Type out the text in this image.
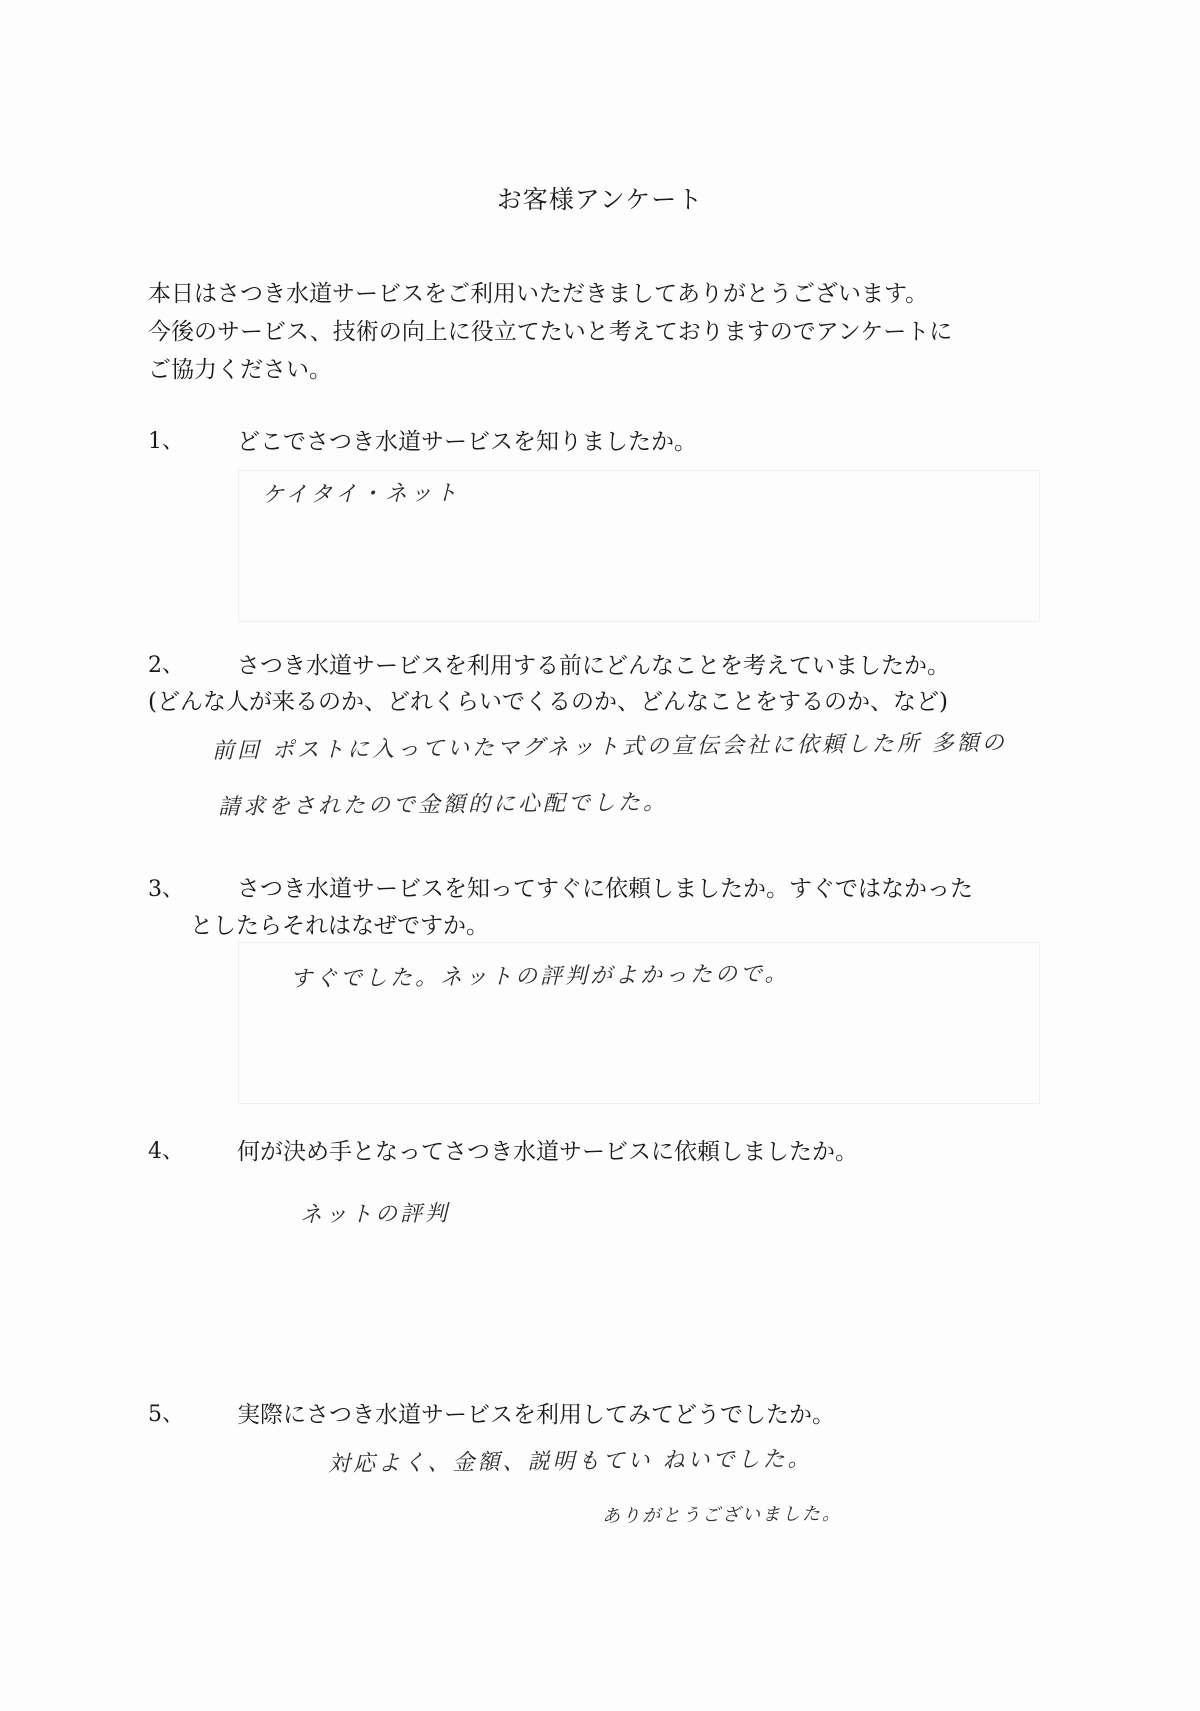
お客様アンケート
本日はさつき水道サービスをご利用いただきましてありがとうございます。
今後のサービス、技術の向上に役立てたいと考えておりますのでアンケートに
ご協力ください。
1、 どこでさつき水道サービスを知りましたか。
ケイタイ・ネット
2、 さつき水道サービスを利用する前にどんなことを考えていましたか。
(どんな人が来るのか、どれくらいでくるのか、どんなことをするのか、など)
前回 ポストに入っていたマグネット式の宣伝会社に依頼した所 多額の
請求をされたので金額的に心配でした。
3、 さつき水道サービスを知ってすぐに依頼しましたか。すぐではなかった
としたらそれはなぜですか。
すぐでした。ネットの評判がよかったので。
4、 何が決め手となってさつき水道サービスに依頼しましたか。
ネットの評判
5、 実際にさつき水道サービスを利用してみてどうでしたか。
対応よく、金額、説明もてい ねいでした。
ありがとうございました。
